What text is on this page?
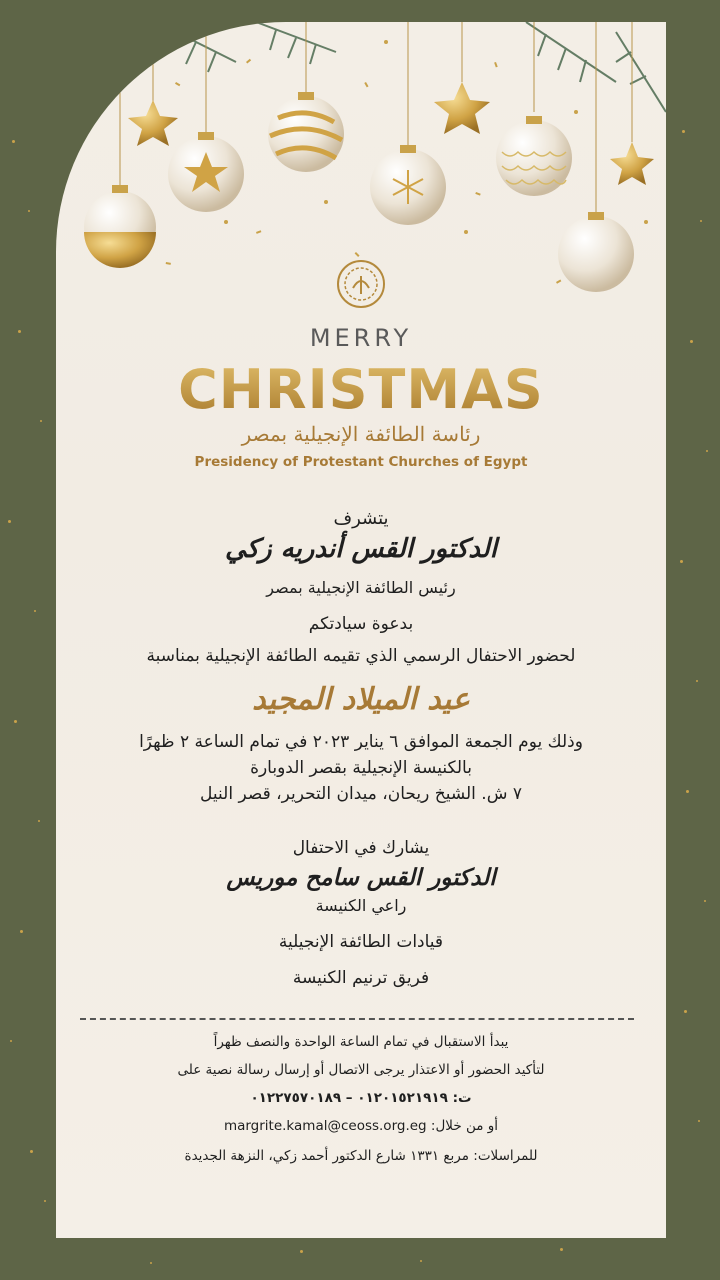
MERRY
CHRISTMAS
رئاسة الطائفة الإنجيلية بمصر
Presidency of Protestant Churches of Egypt
يتشرف
الدكتور القس أندريه زكي
رئيس الطائفة الإنجيلية بمصر
بدعوة سيادتكم
لحضور الاحتفال الرسمي الذي تقيمه الطائفة الإنجيلية بمناسبة
عيد الميلاد المجيد
وذلك يوم الجمعة الموافق ٦ يناير ٢٠٢٣ في تمام الساعة ٢ ظهرًا
بالكنيسة الإنجيلية بقصر الدوبارة
٧ ش. الشيخ ريحان، ميدان التحرير، قصر النيل
يشارك في الاحتفال
الدكتور القس سامح موريس
راعي الكنيسة
قيادات الطائفة الإنجيلية
فريق ترنيم الكنيسة
يبدأ الاستقبال في تمام الساعة الواحدة والنصف ظهراً
لتأكيد الحضور أو الاعتذار يرجى الاتصال أو إرسال رسالة نصية على
ت: ٠١٢٠١٥٢١٩١٩ – ٠١٢٢٧٥٧٠١٨٩
أو من خلال: margrite.kamal@ceoss.org.eg
للمراسلات: مربع ١٣٣١ شارع الدكتور أحمد زكي، النزهة الجديدة
